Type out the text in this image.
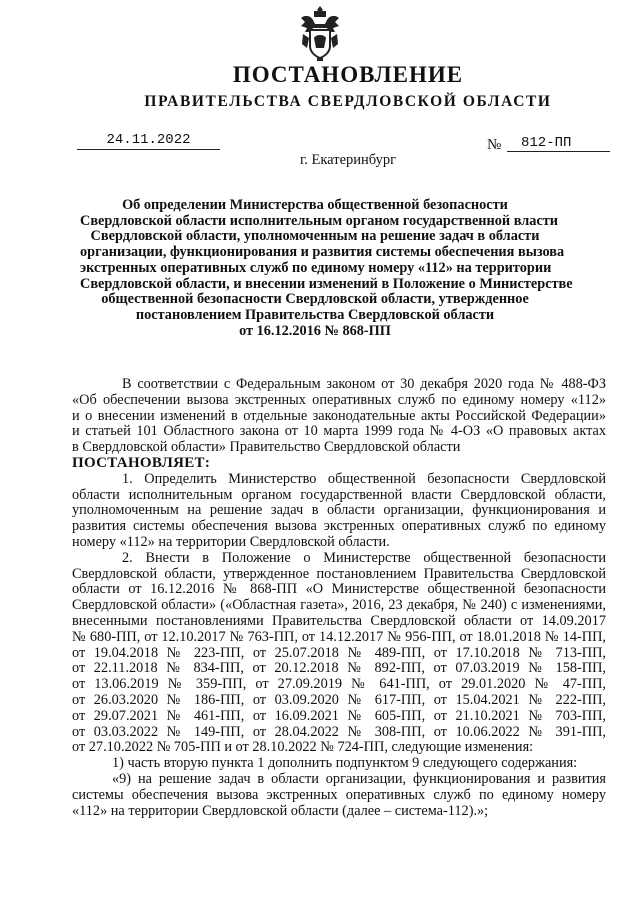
ПОСТАНОВЛЕНИЕ
ПРАВИТЕЛЬСТВА СВЕРДЛОВСКОЙ ОБЛАСТИ
24.11.2022	№	812-ПП
г. Екатеринбург
Об определении Министерства общественной безопасности
Свердловской области исполнительным органом государственной власти
Свердловской области, уполномоченным на решение задач в области
организации, функционирования и развития системы обеспечения вызова
экстренных оперативных служб по единому номеру «112» на территории
Свердловской области, и внесении изменений в Положение о Министерстве
общественной безопасности Свердловской области, утвержденное
постановлением Правительства Свердловской области
от 16.12.2016 № 868-ПП
В соответствии с Федеральным законом от 30 декабря 2020 года № 488-ФЗ
«Об обеспечении вызова экстренных оперативных служб по единому номеру «112»
и о внесении изменений в отдельные законодательные акты Российской Федерации»
и статьей 101 Областного закона от 10 марта 1999 года № 4-ОЗ «О правовых актах
в Свердловской области» Правительство Свердловской области
ПОСТАНОВЛЯЕТ:
1. Определить Министерство общественной безопасности Свердловской
области исполнительным органом государственной власти Свердловской области,
уполномоченным на решение задач в области организации, функционирования и
развития системы обеспечения вызова экстренных оперативных служб по единому
номеру «112» на территории Свердловской области.
2. Внести в Положение о Министерстве общественной безопасности
Свердловской области, утвержденное постановлением Правительства Свердловской
области от 16.12.2016 № 868-ПП «О Министерстве общественной безопасности
Свердловской области» («Областная газета», 2016, 23 декабря, № 240) с изменениями,
внесенными постановлениями Правительства Свердловской области от 14.09.2017
№ 680-ПП, от 12.10.2017 № 763-ПП, от 14.12.2017 № 956-ПП, от 18.01.2018 № 14-ПП,
от 19.04.2018 № 223-ПП, от 25.07.2018 № 489-ПП, от 17.10.2018 № 713-ПП,
от 22.11.2018 № 834-ПП, от 20.12.2018 № 892-ПП, от 07.03.2019 № 158-ПП,
от 13.06.2019 № 359-ПП, от 27.09.2019 № 641-ПП, от 29.01.2020 № 47-ПП,
от 26.03.2020 № 186-ПП, от 03.09.2020 № 617-ПП, от 15.04.2021 № 222-ПП,
от 29.07.2021 № 461-ПП, от 16.09.2021 № 605-ПП, от 21.10.2021 № 703-ПП,
от 03.03.2022 № 149-ПП, от 28.04.2022 № 308-ПП, от 10.06.2022 № 391-ПП,
от 27.10.2022 № 705-ПП и от 28.10.2022 № 724-ПП, следующие изменения:
1) часть вторую пункта 1 дополнить подпунктом 9 следующего содержания:
«9) на решение задач в области организации, функционирования и развития
системы обеспечения вызова экстренных оперативных служб по единому номеру
«112» на территории Свердловской области (далее – система-112).»;
